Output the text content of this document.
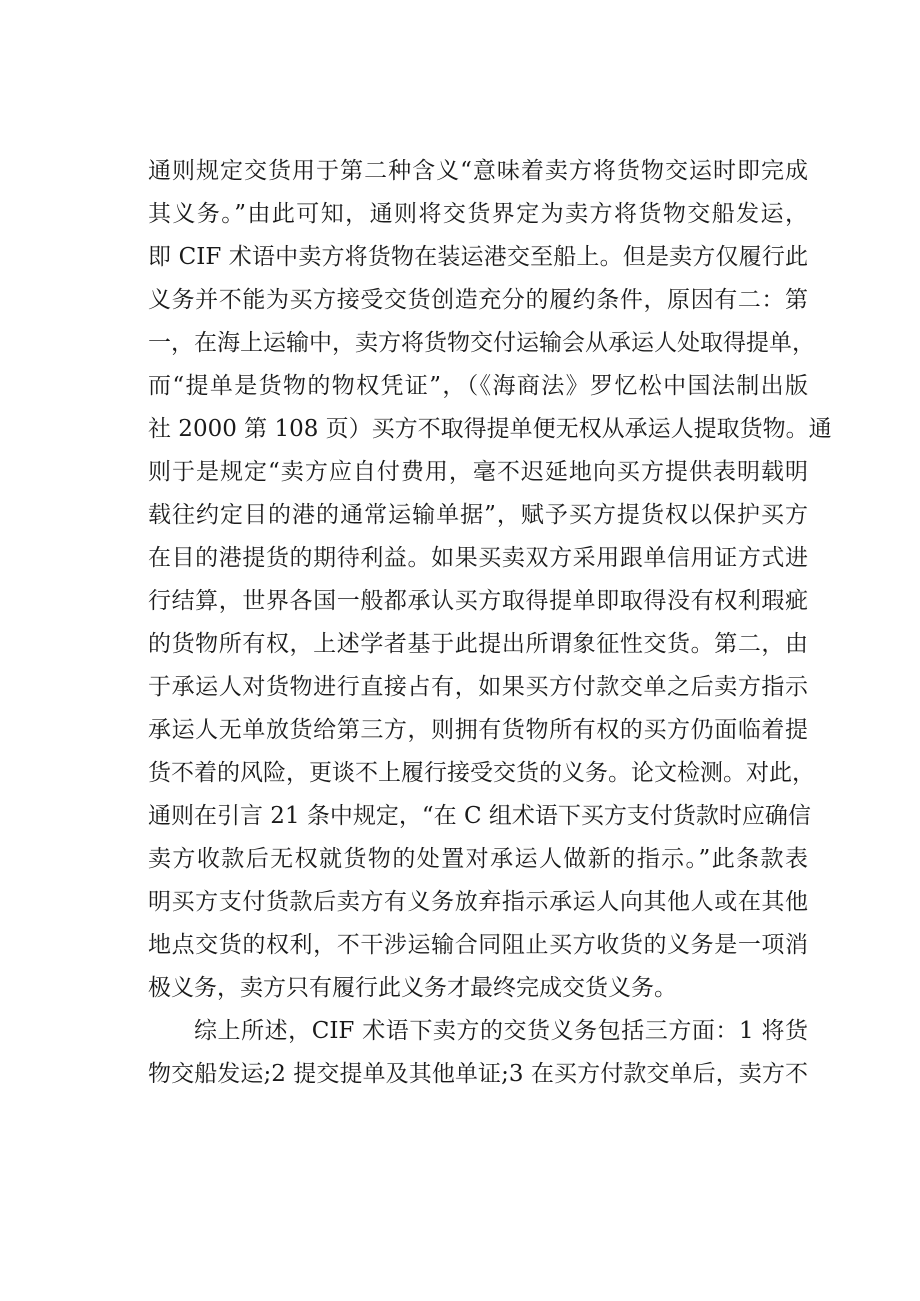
通则规定交货用于第二种含义“意味着卖方将货物交运时即完成
其义务。”由此可知，通则将交货界定为卖方将货物交船发运，
即 CIF 术语中卖方将货物在装运港交至船上。但是卖方仅履行此
义务并不能为买方接受交货创造充分的履约条件，原因有二：第
一，在海上运输中，卖方将货物交付运输会从承运人处取得提单，
而“提单是货物的物权凭证”，（《海商法》罗忆松中国法制出版
社 2000 第 108 页）买方不取得提单便无权从承运人提取货物。通
则于是规定“卖方应自付费用，毫不迟延地向买方提供表明载明
载往约定目的港的通常运输单据”，赋予买方提货权以保护买方
在目的港提货的期待利益。如果买卖双方采用跟单信用证方式进
行结算，世界各国一般都承认买方取得提单即取得没有权利瑕疵
的货物所有权，上述学者基于此提出所谓象征性交货。第二，由
于承运人对货物进行直接占有，如果买方付款交单之后卖方指示
承运人无单放货给第三方，则拥有货物所有权的买方仍面临着提
货不着的风险，更谈不上履行接受交货的义务。论文检测。对此，
通则在引言 21 条中规定，“在 C 组术语下买方支付货款时应确信
卖方收款后无权就货物的处置对承运人做新的指示。”此条款表
明买方支付货款后卖方有义务放弃指示承运人向其他人或在其他
地点交货的权利，不干涉运输合同阻止买方收货的义务是一项消
极义务，卖方只有履行此义务才最终完成交货义务。
综上所述，CIF 术语下卖方的交货义务包括三方面：1 将货
物交船发运;2 提交提单及其他单证;3 在买方付款交单后，卖方不
